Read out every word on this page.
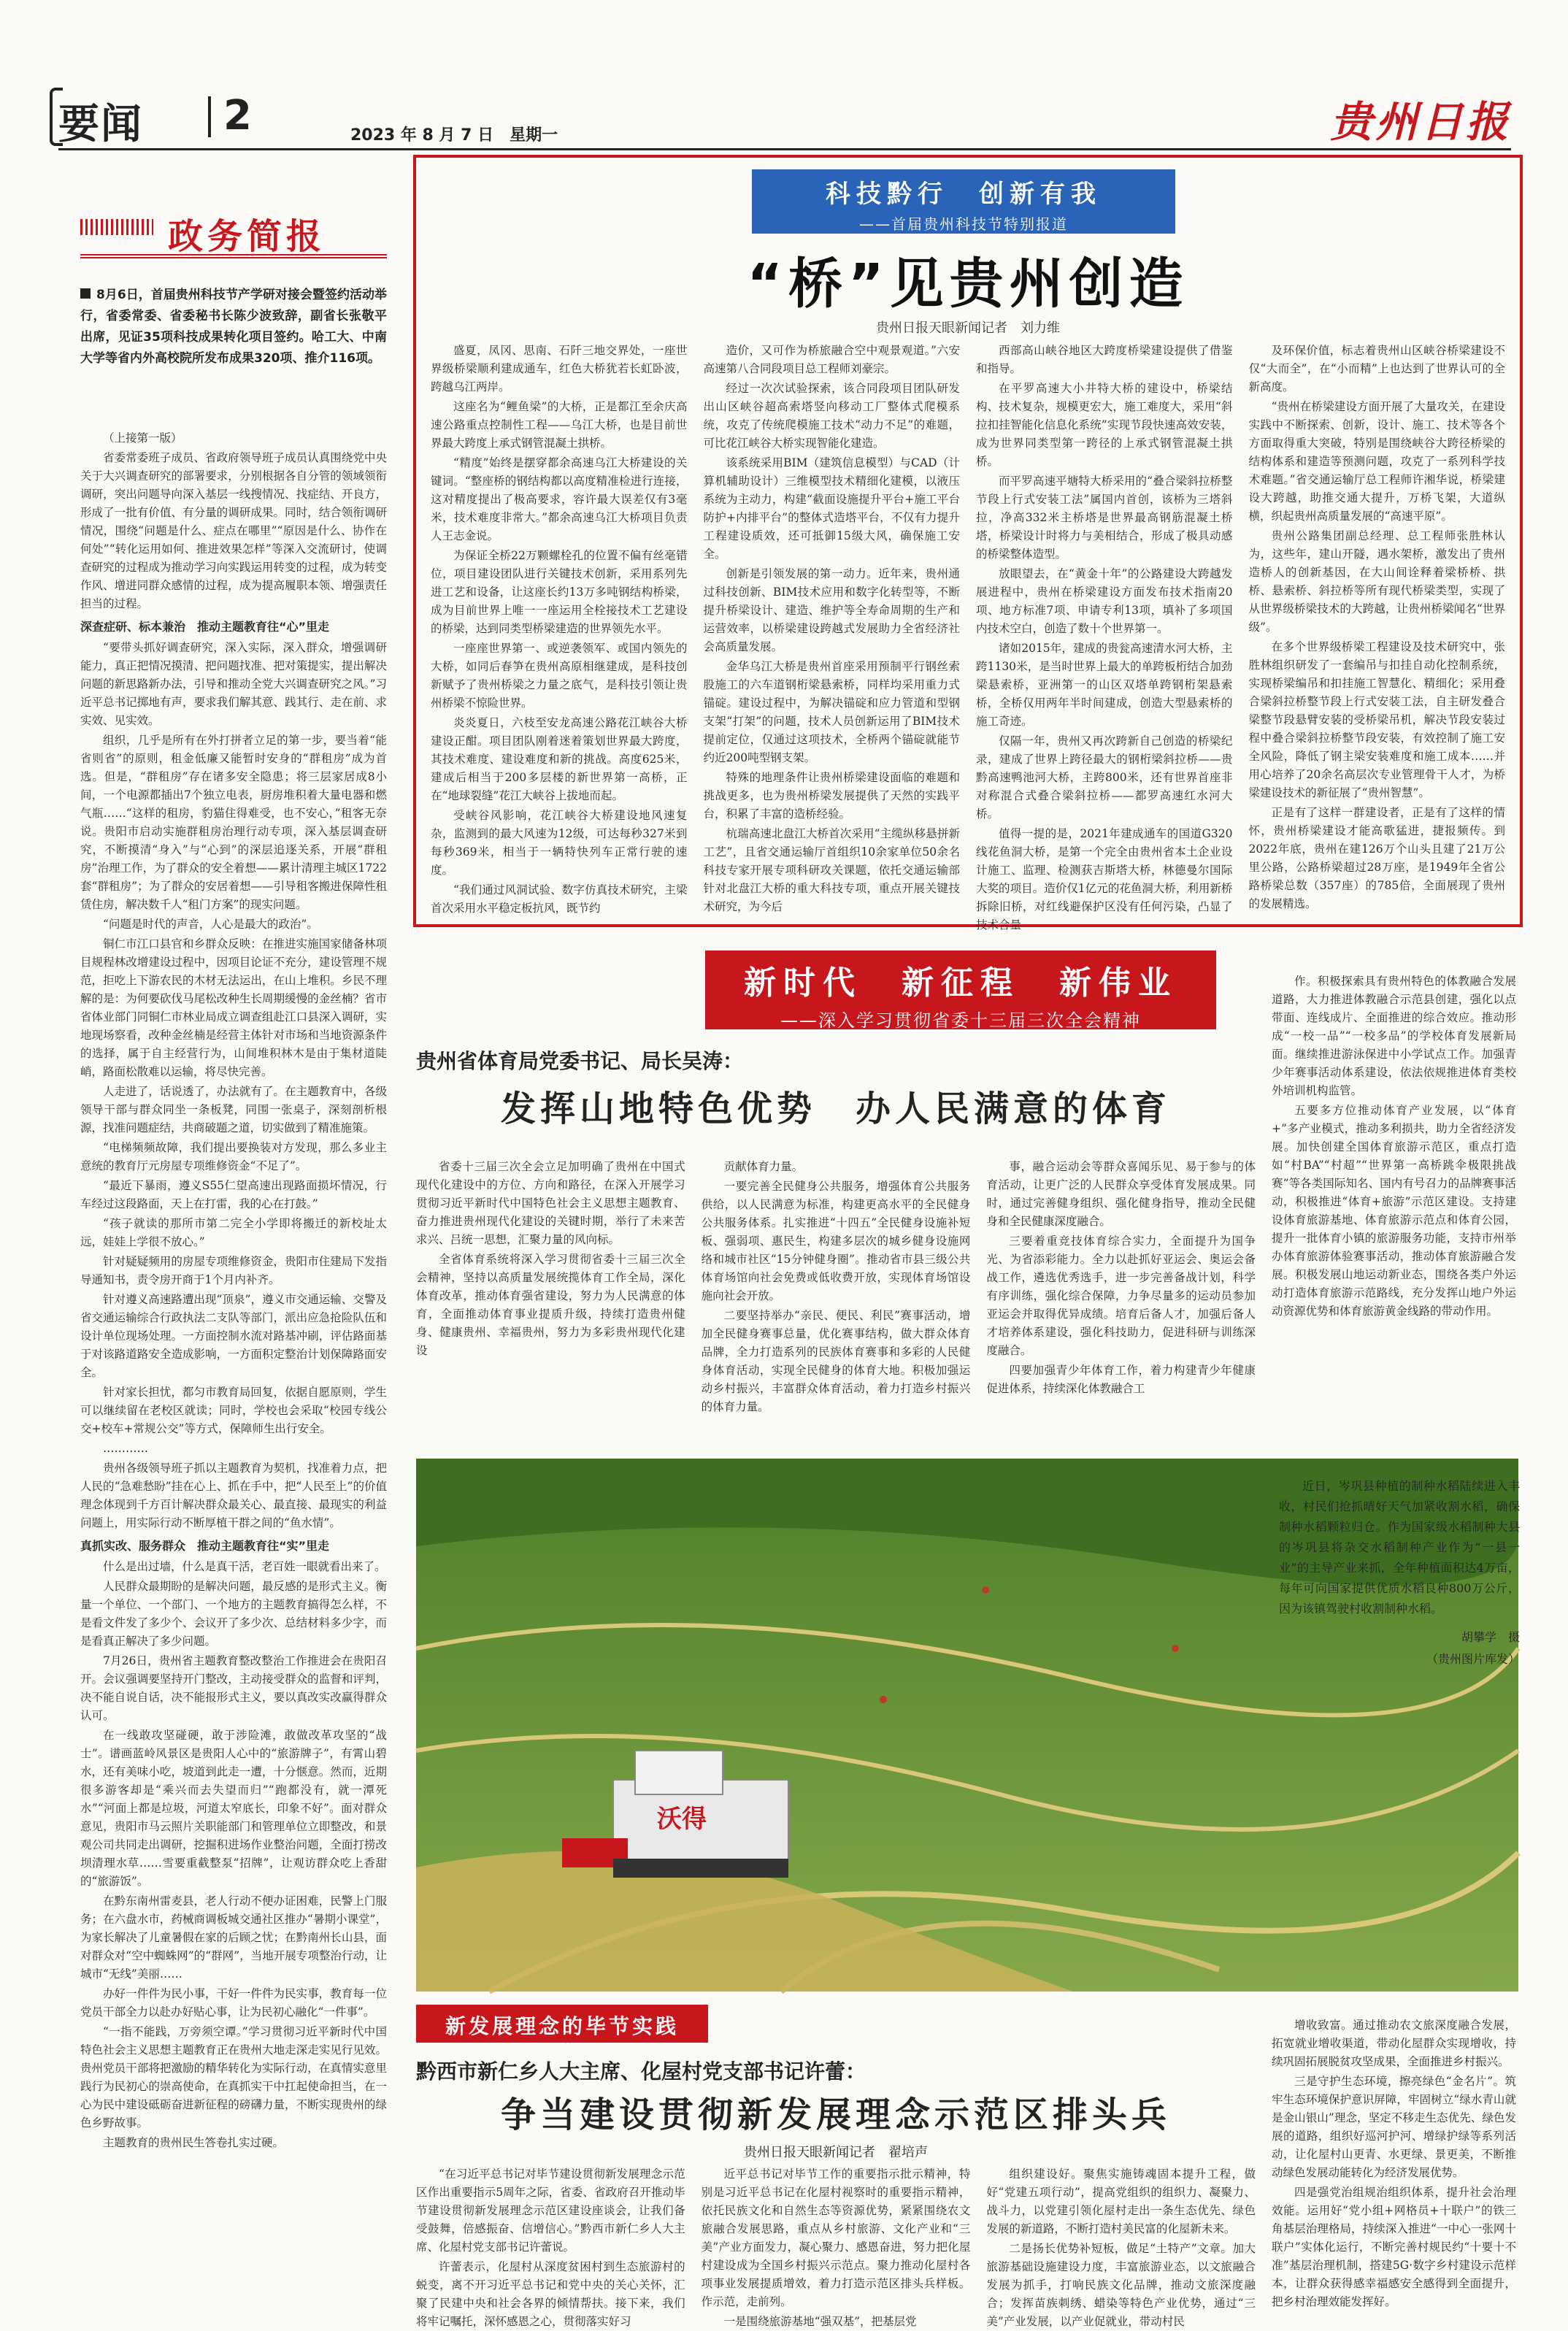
要闻 2	2023 年 8 月 7 日　星期一	贵州日报
政务简报
8月6日，首届贵州科技节产学研对接会暨签约活动举行，省委常委、省委秘书长陈少波致辞，副省长张敬平出席，见证35项科技成果转化项目签约。哈工大、中南大学等省内外高校院所发布成果320项、推介116项。

（上接第一版）

省委常委班子成员、省政府领导班子成员认真围绕党中央关于大兴调查研究的部署要求，分别根据各自分管的领域领衔调研，突出问题导向深入基层一线搜情况、找症结、开良方，形成了一批有价值、有分量的调研成果。同时，结合领衔调研情况，围绕“问题是什么、症点在哪里”“原因是什么、协作在何处”“转化运用如何、推进效果怎样”等深入交流研讨，使调查研究的过程成为推动学习向实践运用转变的过程，成为转变作风、增进同群众感情的过程，成为提高履职本领、增强责任担当的过程。

深查症研、标本兼治　推动主题教育往“心”里走

“要带头抓好调查研究，深入实际，深入群众，增强调研能力，真正把情况摸清、把问题找准、把对策提实，提出解决问题的新思路新办法，引导和推动全党大兴调查研究之风。”习近平总书记掷地有声，要求我们解其意、践其行、走在前、求实效、见实效。

组织，几乎是所有在外打拼者立足的第一步，要当着“能省则省”的原则，租金低廉又能暂时安身的“群租房”成为首选。但是，“群租房”存在诸多安全隐患；将三层家居成8小间，一个电源都插出7个独立电表，厨房堆积着大量电器和燃气瓶……“这样的租房，豹猫住得难受，也不安心，”租客无奈说。贵阳市启动实施群租房治理行动专项，深入基层调查研究，不断摸清“身入”与“心到”的深层追逐关系，开展“群租房”治理工作，为了群众的安全着想——累计清理主城区1722套“群租房”；为了群众的安居着想——引导租客搬进保障性租赁住房，解决数千人“租门方案”的现实问题。

“问题是时代的声音，人心是最大的政治”。

铜仁市江口县官和乡群众反映：在推进实施国家储备林项目规程林改增建设过程中，因项目论证不充分，建设管理不规范，拒吃上下游农民的木材无法运出，在山上堆积。乡民不理解的是：为何要砍伐马尾松改种生长周期缓慢的金丝楠？省市省体业部门同铜仁市林业局成立调查组赴江口县深入调研，实地现场察看，改种金丝楠是经营主体针对市场和当地资源条件的选择，属于自主经营行为，山间堆积林木是由于集材道陡峭，路面松散难以运输，将尽快完善。

人走进了，话说透了，办法就有了。在主题教育中，各级领导干部与群众同坐一条板凳，同围一张桌子，深刻剖析根源，找准问题症结，共商破题之道，切实做到了精准施策。

“电梯频频故障，我们提出要换装对方发现，那么多业主意统的教育厅元房屋专项维修资金“不足了”。

“最近下暴雨，遵义S55仁望高速出现路面损坏情况，行车经过这段路面，天上在打雷，我的心在打鼓。”

“孩子就读的那所市第二完全小学即将搬迁的新校址太远，娃娃上学很不放心。”

针对疑疑频用的房屋专项维修资金，贵阳市住建局下发指导通知书，责令房开商于1个月内补齐。

针对遵义高速路遭出现“顶泉”，遵义市交通运输、交警及省交通运输综合行政执法二支队等部门，派出应急抢险队伍和设计单位现场处理。一方面控制水流对路基冲刷，评估路面基于对该路道路安全造成影响，一方面积定整治计划保障路面安全。

针对家长担忧，都匀市教育局回复，依据自愿原则，学生可以继续留在老校区就读；同时，学校也会采取“校园专线公交+校车+常规公交”等方式，保障师生出行安全。

…………

贵州各级领导班子抓以主题教育为契机，找准着力点，把人民的“急难愁盼”挂在心上、抓在手中，把“人民至上”的价值理念体现到千方百计解决群众最关心、最直接、最现实的利益问题上，用实际行动不断厚植干群之间的“鱼水情”。

真抓实改、服务群众　推动主题教育往“实”里走

什么是出过墙，什么是真干活，老百姓一眼就看出来了。

人民群众最期盼的是解决问题，最反感的是形式主义。衡量一个单位、一个部门、一个地方的主题教育搞得怎么样，不是看文件发了多少个、会议开了多少次、总结材料多少字，而是看真正解决了多少问题。

7月26日，贵州省主题教育整改整治工作推进会在贵阳召开。会议强调要坚持开门整改，主动接受群众的监督和评判，决不能自说自话，决不能报形式主义，要以真改实改赢得群众认可。

在一线敢攻坚碰硬，敢于涉险滩，敢做改革攻坚的“战士”。谱画蓝岭风景区是贵阳人心中的“旅游牌子”，有霄山碧水，还有美味小吃，坡道到此走一遭，十分惬意。然而，近期很多游客却是“乘兴而去失望而归”“跑都没有，就一潭死水”“河面上都是垃圾，河道太窄底长，印象不好”。面对群众意见，贵阳市马云照片关职能部门和管理单位立即整改，和景观公司共同走出调研，挖掘积进场作业整治问题，全面打捞改坝清理水草……雪要重截整泵“招牌”，让观访群众吃上香甜的“旅游饭”。

在黔东南州雷麦县，老人行动不便办证困难，民警上门服务；在六盘水市，药械商调板城交通社区推办“暑期小课堂”，为家长解决了儿童暑假在家的后顾之忧；在黔南州长山县，面对群众对“空中蜘蛛网”的“群网”，当地开展专项整治行动，让城市“无线”美丽……

办好一件件为民小事，干好一件件为民实事，教育每一位党员干部全力以赴办好贴心事，让为民初心融化“一件事”。

“一指不能践，万旁须空谭。”学习贯彻习近平新时代中国特色社会主义思想主题教育正在贵州大地走深走实见行见效。贵州党员干部将把激励的精华转化为实际行动，在真情实意里践行为民初心的崇高使命，在真抓实干中扛起使命担当，在一心为民中建设砥砺奋进新征程的磅礴力量，不断实现贵州的绿色乡野故事。

主题教育的贵州民生答卷扎实过硬。

科技黔行　创新有我
——首届贵州科技节特别报道
“桥”见贵州创造
贵州日报天眼新闻记者　刘力维

盛夏，凤冈、思南、石阡三地交界处，一座世界级桥梁顺利建成通车，红色大桥犹若长虹卧波，跨越乌江两岸。

这座名为“鲤鱼梁”的大桥，正是都江至余庆高速公路重点控制性工程——乌江大桥，也是目前世界最大跨度上承式钢管混凝土拱桥。

“精度”始终是摆穿都余高速乌江大桥建设的关键词。“整座桥的钢结构都以高度精准检进行连接，这对精度提出了极高要求，容许最大误差仅有3毫米，技术难度非常大。”都余高速乌江大桥项目负责人王志金说。

为保证全桥22万颗螺栓孔的位置不偏有丝毫错位，项目建设团队进行关键技术创新，采用系列先进工艺和设备，让这座长约13万多吨钢结构桥梁，成为目前世界上唯一一座运用全栓接技术工艺建设的桥梁，达到同类型桥梁建造的世界领先水平。

一座座世界第一、或逆袭领军、或国内领先的大桥，如同后春笋在贵州高原相继建成，是科技创新赋予了贵州桥梁之力量之底气，是科技引领让贵州桥梁不惊险世界。

炎炎夏日，六枝至安龙高速公路花江峡谷大桥建设正酣。项目团队刚着迷着策划世界最大跨度，其技术难度、建设难度和新的挑战。高度625米，建成后相当于200多层楼的新世界第一高桥，正在“地球裂缝”花江大峡谷上拔地而起。

受峡谷风影响，花江峡谷大桥建设地风速复杂，监测到的最大风速为12级，可达每秒327米到每秒369米，相当于一辆特快列车正常行驶的速度。

“我们通过风洞试验、数字仿真技术研究，主梁首次采用水平稳定板抗风，既节约

造价，又可作为桥旅融合空中观景观道。”六安高速第八合同段项目总工程师刘豪宗。

经过一次次试验探索，该合同段项目团队研发出山区峡谷超高索塔竖向移动工厂整体式爬模系统，攻克了传统爬模施工技术“动力不足”的难题，可比花江峡谷大桥实现智能化建造。

该系统采用BIM（建筑信息模型）与CAD（计算机辅助设计）三维模型技术精细化建模，以液压系统为主动力，构建“截面设施提升平台+施工平台防护+内排平台”的整体式造塔平台，不仅有力提升工程建设质效，还可抵御15级大风，确保施工安全。

创新是引领发展的第一动力。近年来，贵州通过科技创新、BIM技术应用和数字化转型等，不断提升桥梁设计、建造、维护等全寿命周期的生产和运营效率，以桥梁建设跨越式发展助力全省经济社会高质量发展。

金华乌江大桥是贵州首座采用预制平行钢丝索股施工的六车道钢桁梁悬索桥，同样均采用重力式锚碇。建设过程中，为解决锚碇和应力管道和型钢支架“打架”的问题，技术人员创新运用了BIM技术提前定位，仅通过这项技术，全桥两个锚碇就能节约近200吨型钢支架。

特殊的地理条件让贵州桥梁建设面临的难题和挑战更多，也为贵州桥梁发展提供了天然的实践平台，积累了丰富的造桥经验。

杭瑞高速北盘江大桥首次采用“主缆纵移悬拼新工艺”，且省交通运输厅首组织10余家单位50余名科技专家开展专项科研攻关课题，依托交通运输部针对北盘江大桥的重大科技专项，重点开展关键技术研究，为今后

西部高山峡谷地区大跨度桥梁建设提供了借鉴和指导。

在平罗高速大小井特大桥的建设中，桥梁结构、技术复杂，规模更宏大，施工难度大，采用“斜拉扣挂智能化信息化系统”实现节段快速高效安装，成为世界同类型第一跨径的上承式钢管混凝土拱桥。

而平罗高速平塘特大桥采用的“叠合梁斜拉桥整节段上行式安装工法”属国内首创，该桥为三塔斜拉，净高332米主桥塔是世界最高钢筋混凝土桥塔，桥梁设计时将力与美相结合，形成了极具动感的桥梁整体造型。

放眼望去，在“黄金十年”的公路建设大跨越发展进程中，贵州在桥梁建设方面发布技术指南20项、地方标准7项、申请专利13项，填补了多项国内技术空白，创造了数十个世界第一。

诸如2015年，建成的贵瓮高速清水河大桥，主跨1130米，是当时世界上最大的单跨板桁结合加劲梁悬索桥，亚洲第一的山区双塔单跨钢桁架悬索桥，全桥仅用两年半时间建成，创造大型悬索桥的施工奇迹。

仅隔一年，贵州又再次跨新自己创造的桥梁纪录，建成了世界上跨径最大的钢桁梁斜拉桥——贵黔高速鸭池河大桥，主跨800米，还有世界首座非对称混合式叠合梁斜拉桥——都罗高速红水河大桥。

值得一提的是，2021年建成通车的国道G320线花鱼洞大桥，是第一个完全由贵州省本土企业设计施工、监理、检测获吉斯塔大桥，林德曼尔国际大奖的项目。造价仅1亿元的花鱼洞大桥，利用新桥拆除旧桥，对红线避保护区没有任何污染，凸显了技术合量

及环保价值，标志着贵州山区峡谷桥梁建设不仅“大而全”，在“小而精”上也达到了世界认可的全新高度。

“贵州在桥梁建设方面开展了大量攻关，在建设实践中不断探索、创新，设计、施工、技术等各个方面取得重大突破，特别是围绕峡谷大跨径桥梁的结构体系和建造等预测问题，攻克了一系列科学技术难题。”省交通运输厅总工程师许湘华说，桥梁建设大跨越，助推交通大提升，万桥飞架，大道纵横，织起贵州高质量发展的“高速平原”。

贵州公路集团副总经理、总工程师张胜林认为，这些年，建山开隧，遇水架桥，激发出了贵州造桥人的创新基因，在大山间诠释着梁桥桥、拱桥、悬索桥、斜拉桥等所有现代桥梁类型，实现了从世界级桥梁技术的大跨越，让贵州桥梁闻名“世界级”。

在多个世界级桥梁工程建设及技术研究中，张胜林组织研发了一套编吊与扣挂自动化控制系统，实现桥梁编吊和扣挂施工智慧化、精细化；采用叠合梁斜拉桥整节段上行式安装工法，自主研发叠合梁整节段悬臂安装的受桥梁吊机，解决节段安装过程中叠合梁斜拉桥整节段安装，有效控制了施工安全风险，降低了钢主梁安装难度和施工成本……并用心培养了20余名高层次专业管理骨干人才，为桥梁建设技术的新征展了“贵州智慧”。

正是有了这样一群建设者，正是有了这样的情怀，贵州桥梁建设才能高歌猛进，捷报频传。到2022年底，贵州在建126万个山头且建了21万公里公路，公路桥梁超过28万座，是1949年全省公路桥梁总数（357座）的785倍，全面展现了贵州的发展精选。

新时代　新征程　新伟业
——深入学习贯彻省委十三届三次全会精神
贵州省体育局党委书记、局长吴涛：
发挥山地特色优势　办人民满意的体育

省委十三届三次全会立足加明确了贵州在中国式现代化建设中的方位、方向和路径，在深入开展学习贯彻习近平新时代中国特色社会主义思想主题教育、奋力推进贵州现代化建设的关键时期，举行了未来苦求兴、吕统一思想，汇聚力量的风向标。

全省体育系统将深入学习贯彻省委十三届三次全会精神，坚持以高质量发展统揽体育工作全局，深化体育改革，推动体育强省建设，努力为人民满意的体育，全面推动体育事业提质升级，持续打造贵州健身、健康贵州、幸福贵州，努力为多彩贵州现代化建设

贡献体育力量。

一要完善全民健身公共服务，增强体育公共服务供给，以人民满意为标准，构建更高水平的全民健身公共服务体系。扎实推进“十四五”全民健身设施补短板、强弱项、惠民生，构建多层次的城乡健身设施网络和城市社区“15分钟健身圈”。推动省市县三级公共体育场馆向社会免费或低收费开放，实现体育场馆设施向社会开放。

二要坚持举办“亲民、便民、利民”赛事活动，增加全民健身赛事总量，优化赛事结构，做大群众体育品牌，全力打造系列的民族体育赛事和多彩的人民健身体育活动，实现全民健身的体育大地。积极加强运动乡村振兴，丰富群众体育活动，着力打造乡村振兴的体育力量。

事，融合运动会等群众喜闻乐见、易于参与的体育活动，让更广泛的人民群众享受体育发展成果。同时，通过完善健身组织、强化健身指导，推动全民健身和全民健康深度融合。

三要着重竞技体育综合实力，全面提升为国争光、为省添彩能力。全力以赴抓好亚运会、奥运会备战工作，遴选优秀选手，进一步完善备战计划，科学有序训练，强化综合保障，力争尽量多的运动员参加亚运会并取得优异成绩。培育后备人才，加强后备人才培养体系建设，强化科技助力，促进科研与训练深度融合。

四要加强青少年体育工作，着力构建青少年健康促进体系，持续深化体教融合工

作。积极探索具有贵州特色的体教融合发展道路，大力推进体教融合示范县创建，强化以点带面、连线成片、全面推进的综合效应。推动形成“一校一品”“一校多品”的学校体育发展新局面。继续推进游泳保进中小学试点工作。加强青少年赛事活动体系建设，依法依规推进体育类校外培训机构监管。

五要多方位推动体育产业发展，以“体育+”多产业模式，推动多利损共，助力全省经济发展。加快创建全国体育旅游示范区，重点打造如“村BA”“村超”“世界第一高桥跳伞极限挑战赛”等各类国际知名、国内有号召力的品牌赛事活动，积极推进“体育+旅游”示范区建设。支持建设体育旅游基地、体育旅游示范点和体育公园，提升一批体育小镇的旅游服务功能，支持市州举办体育旅游体验赛事活动，推动体育旅游融合发展。积极发展山地运动新业态，围绕各类户外运动打造体育旅游示范路线，充分发挥山地户外运动资源优势和体育旅游黄金线路的带动作用。

沃得
近日，岑巩县种植的制种水稻陆续进入丰收，村民们抢抓晴好天气加紧收割水稻，确保制种水稻颗粒归仓。作为国家级水稻制种大县的岑巩县将杂交水稻制种产业作为“一县一业”的主导产业来抓，全年种植面积达4万亩，每年可向国家提供优质水稻良种800万公斤，因为该镇驾驶村收割制种水稻。
胡攀学　摄
（贵州图片库发）
新发展理念的毕节实践
黔西市新仁乡人大主席、化屋村党支部书记许蕾：
争当建设贯彻新发展理念示范区排头兵
贵州日报天眼新闻记者　翟培声

“在习近平总书记对毕节建设贯彻新发展理念示范区作出重要指示5周年之际，省委、省政府召开推动毕节建设贯彻新发展理念示范区建设座谈会，让我们备受鼓舞，倍感振奋、信增信心。”黔西市新仁乡人大主席、化屋村党支部书记许蕾说。

许蕾表示，化屋村从深度贫困村到生态旅游村的蜕变，离不开习近平总书记和党中央的关心关怀，汇聚了民建中央和社会各界的倾情帮扶。接下来，我们将牢记嘱托，深怀感恩之心，贯彻落实好习

近平总书记对毕节工作的重要指示批示精神，特别是习近平总书记在化屋村视察时的重要指示精神，依托民族文化和自然生态等资源优势，紧紧围绕农文旅融合发展思路，重点从乡村旅游、文化产业和“三美”产业方面发力，凝心聚力、感恩奋进，努力把化屋村建设成为全国乡村振兴示范点。聚力推动化屋村各项事业发展提质增效，着力打造示范区排头兵样板。作示范，走前列。

一是围绕旅游基地“强双基”，把基层党

组织建设好。聚焦实施铸魂固本提升工程，做好“党建五项行动”，提高党组织的组织力、凝聚力、战斗力，以党建引领化屋村走出一条生态优先、绿色发展的新道路，不断打造村美民富的化屋新未来。

二是扬长优势补短板，做足“土特产”文章。加大旅游基础设施建设力度，丰富旅游业态，以文旅融合发展为抓手，打响民族文化品牌，推动文旅深度融合；发挥苗族刺绣、蜡染等特色产业优势，通过“三美”产业发展，以产业促就业，带动村民

增收致富。通过推动农文旅深度融合发展，拓宽就业增收渠道，带动化屋群众实现增收，持续巩固拓展脱贫攻坚成果，全面推进乡村振兴。

三是守护生态环境，擦亮绿色“金名片”。筑牢生态环境保护意识屏障，牢固树立“绿水青山就是金山银山”理念，坚定不移走生态优先、绿色发展的道路，组织好巡河护河、增绿护绿等系列活动，让化屋村山更青、水更绿、景更美，不断推动绿色发展动能转化为经济发展优势。

四是强党治组规治组织体系，提升社会治理效能。运用好“党小组+网格员+十联户”的铁三角基层治理格局，持续深入推进“一中心一张网十联户”实体化运行，不断完善村规民约“十要十不准”基层治理机制，搭建5G·数字乡村建设示范样本，让群众获得感幸福感安全感得到全面提升，把乡村治理效能发挥好。
